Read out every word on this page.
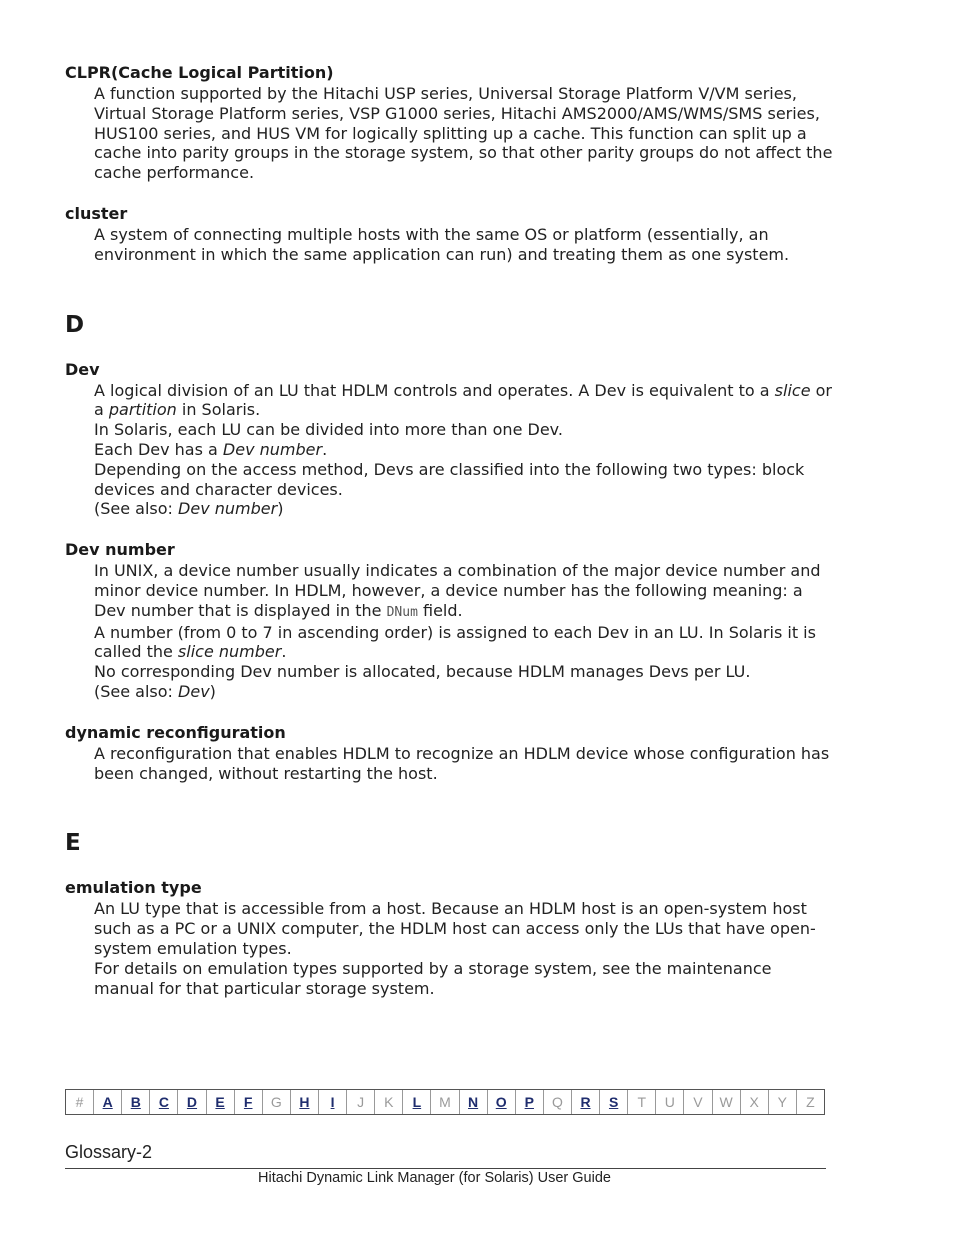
CLPR(Cache Logical Partition)

A function supported by the Hitachi USP series, Universal Storage Platform V/VM series, Virtual Storage Platform series, VSP G1000 series, Hitachi AMS2000/AMS/WMS/SMS series, HUS100 series, and HUS VM for logically splitting up a cache. This function can split up a cache into parity groups in the storage system, so that other parity groups do not affect the cache performance.

cluster

A system of connecting multiple hosts with the same OS or platform (essentially, an environment in which the same application can run) and treating them as one system.

D
Dev

A logical division of an LU that HDLM controls and operates. A Dev is equivalent to a slice or a partition in Solaris.

In Solaris, each LU can be divided into more than one Dev.

Each Dev has a Dev number.

Depending on the access method, Devs are classified into the following two types: block devices and character devices.

(See also: Dev number)

Dev number

In UNIX, a device number usually indicates a combination of the major device number and minor device number. In HDLM, however, a device number has the following meaning: a Dev number that is displayed in the DNum field.

A number (from 0 to 7 in ascending order) is assigned to each Dev in an LU. In Solaris it is called the slice number.

No corresponding Dev number is allocated, because HDLM manages Devs per LU.

(See also: Dev)

dynamic reconfiguration

A reconfiguration that enables HDLM to recognize an HDLM device whose configuration has been changed, without restarting the host.

E
emulation type

An LU type that is accessible from a host. Because an HDLM host is an open-system host such as a PC or a UNIX computer, the HDLM host can access only the LUs that have open-system emulation types.

For details on emulation types supported by a storage system, see the maintenance manual for that particular storage system.

#	A	B	C	D	E	F	G	H	I	J	K	L	M	N	O	P	Q	R	S	T	U	V	W	X	Y	Z
Glossary-2
Hitachi Dynamic Link Manager (for Solaris) User Guide
